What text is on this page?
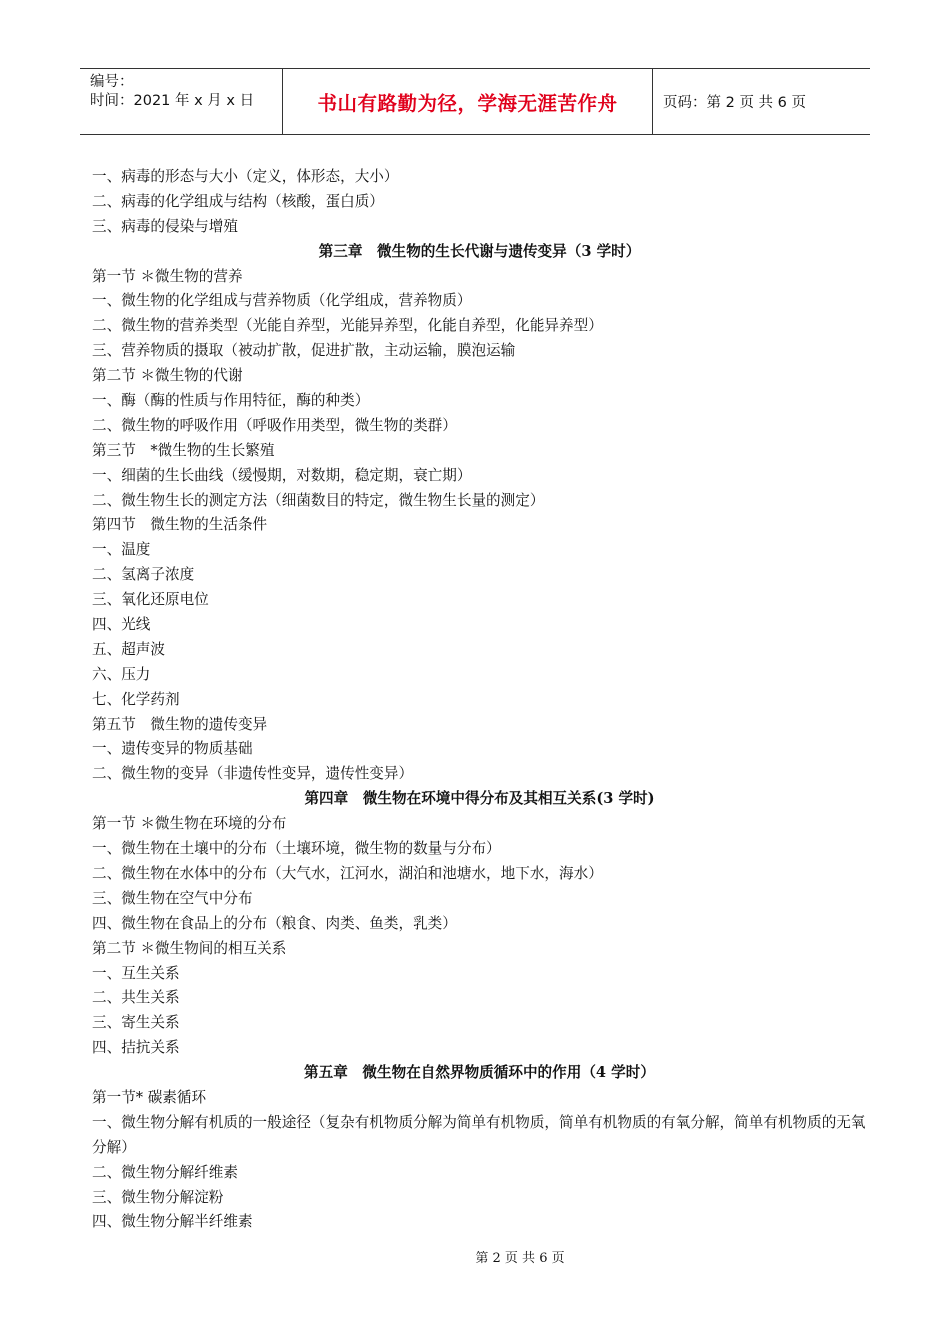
编号：
时间：2021 年 x 月 x 日	书山有路勤为径，学海无涯苦作舟	页码：第 2 页 共 6 页
一、病毒的形态与大小（定义，体形态，大小）
二、病毒的化学组成与结构（核酸，蛋白质）
三、病毒的侵染与增殖
第三章　微生物的生长代谢与遗传变异（3 学时）
第一节 ＊微生物的营养
一、微生物的化学组成与营养物质（化学组成，营养物质）
二、微生物的营养类型（光能自养型，光能异养型，化能自养型，化能异养型）
三、营养物质的摄取（被动扩散，促进扩散，主动运输，膜泡运输
第二节 ＊微生物的代谢
一、酶（酶的性质与作用特征，酶的种类）
二、微生物的呼吸作用（呼吸作用类型，微生物的类群）
第三节　*微生物的生长繁殖
一、细菌的生长曲线（缓慢期，对数期，稳定期，衰亡期）
二、微生物生长的测定方法（细菌数目的特定，微生物生长量的测定）
第四节　微生物的生活条件
一、温度
二、氢离子浓度
三、氧化还原电位
四、光线
五、超声波
六、压力
七、化学药剂
第五节　微生物的遗传变异
一、遗传变异的物质基础
二、微生物的变异（非遗传性变异，遗传性变异）
第四章　微生物在环境中得分布及其相互关系(3 学时)
第一节 ＊微生物在环境的分布
一、微生物在土壤中的分布（土壤环境，微生物的数量与分布）
二、微生物在水体中的分布（大气水，江河水，湖泊和池塘水，地下水，海水）
三、微生物在空气中分布
四、微生物在食品上的分布（粮食、肉类、鱼类，乳类）
第二节 ＊微生物间的相互关系
一、互生关系
二、共生关系
三、寄生关系
四、拮抗关系
第五章　微生物在自然界物质循环中的作用（4 学时）
第一节* 碳素循环
一、微生物分解有机质的一般途径（复杂有机物质分解为简单有机物质，简单有机物质的有氧分解，简单有机物质的无氧分解）
二、微生物分解纤维素
三、微生物分解淀粉
四、微生物分解半纤维素
第 2 页 共 6 页
